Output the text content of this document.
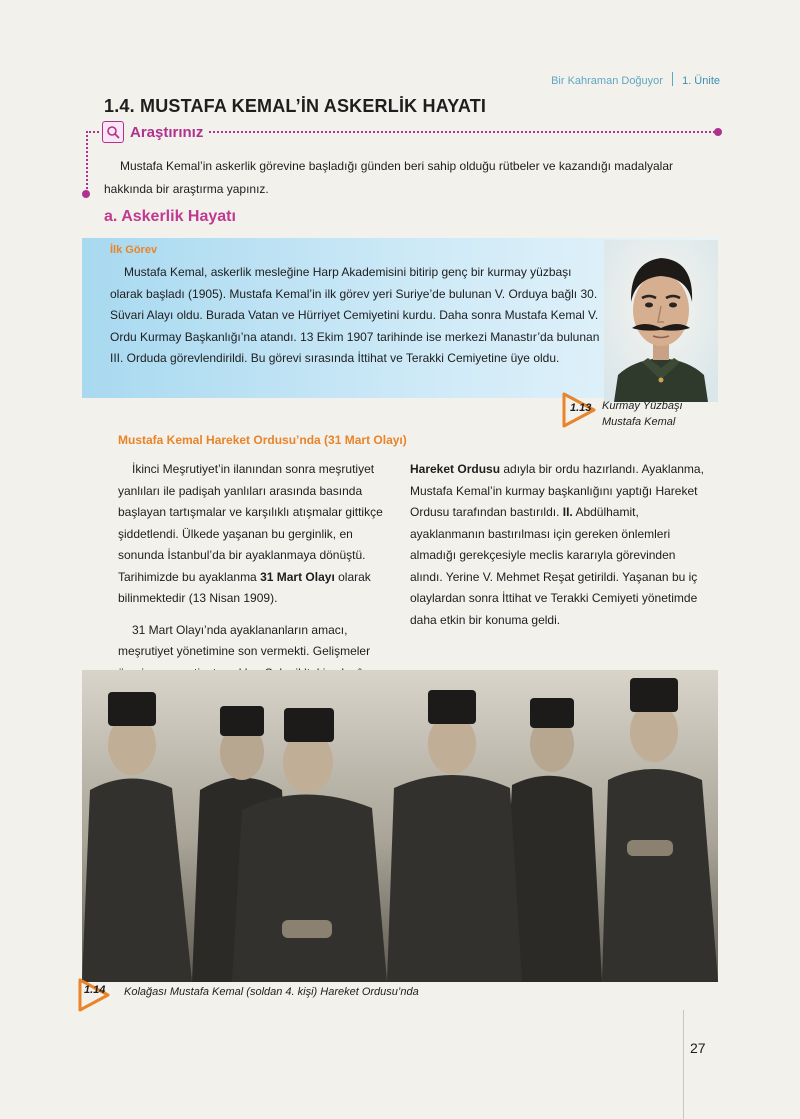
Bir Kahraman Doğuyor 1. Ünite
1.4. MUSTAFA KEMAL’İN ASKERLİK HAYATI
Araştırınız
Mustafa Kemal’in askerlik görevine başladığı günden beri sahip olduğu rütbeler ve kazandığı madalyalar hakkında bir araştırma yapınız.
a. Askerlik Hayatı
İlk Görev
Mustafa Kemal, askerlik mesleğine Harp Akademisini bitirip genç bir kurmay yüzbaşı olarak başladı (1905). Mustafa Kemal’in ilk görev yeri Suriye’de bulunan V. Orduya bağlı 30. Süvari Alayı oldu. Burada Vatan ve Hürriyet Cemiyetini kurdu. Daha sonra Mustafa Kemal V. Ordu Kurmay Başkanlığı’na atandı. 13 Ekim 1907 tarihinde ise merkezi Manastır’da bulunan III. Orduda görevlendirildi. Bu görevi sırasında İttihat ve Terakki Cemiyetine üye oldu.
1.13 Kurmay Yüzbaşı
Mustafa Kemal
Mustafa Kemal Hareket Ordusu’nda (31 Mart Olayı)

İkinci Meşrutiyet’in ilanından sonra meşrutiyet yanlıları ile padişah yanlıları arasında basında başlayan tartışmalar ve karşılıklı atışmalar gittikçe şiddetlendi. Ülkede yaşanan bu gerginlik, en sonunda İstanbul’da bir ayaklanmaya dönüştü. Tarihimizde bu ayaklanma 31 Mart Olayı olarak bilinmektedir (13 Nisan 1909).

31 Mart Olayı’nda ayaklananların amacı, meşrutiyet yönetimine son vermekti. Gelişmeler

Hareket Ordusu adıyla bir ordu hazırlandı. Ayaklanma, Mustafa Kemal’in kurmay başkanlığını yaptığı Hareket Ordusu tarafından bastırıldı. II. Abdülhamit, ayaklanmanın bastırılması için gereken önlemleri almadığı gerekçesiyle meclis kararıyla görevinden alındı. Yerine V. Mehmet Reşat getirildi. Yaşanan bu iç olaylardan sonra İttihat ve Terakki Cemiyeti yönetimde daha etkin bir konuma geldi.

1.14 Kolağası Mustafa Kemal (soldan 4. kişi) Hareket Ordusu’nda
27
